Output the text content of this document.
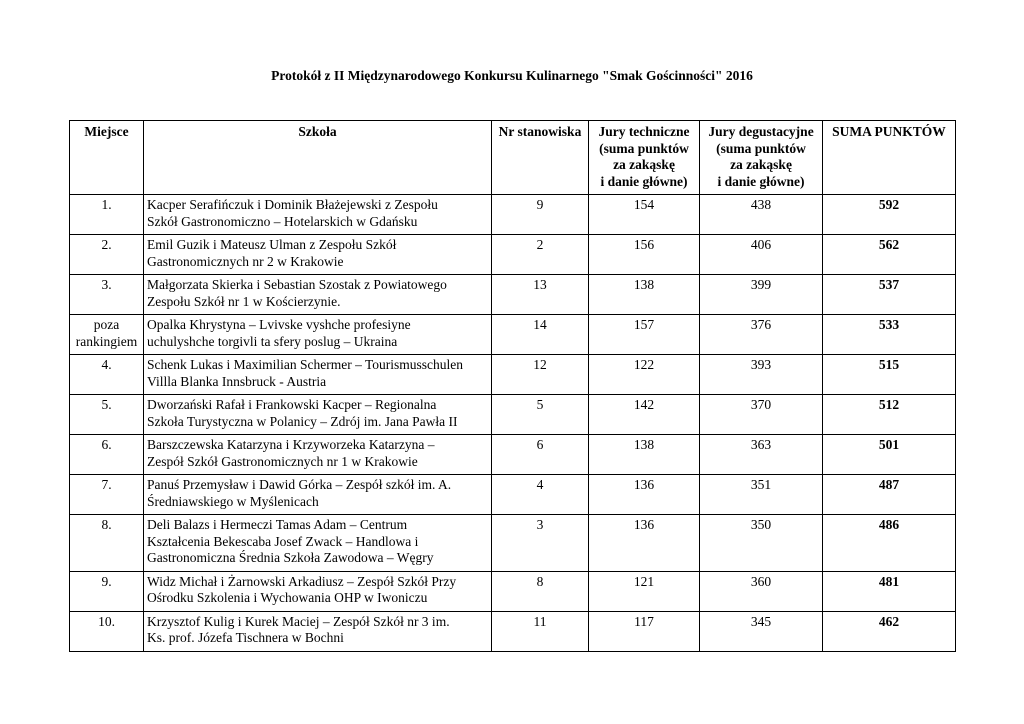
Protokół z II Międzynarodowego Konkursu Kulinarnego "Smak Gościnności" 2016
Miejsce	Szkoła	Nr stanowiska	Jury techniczne
(suma punktów
za zakąskę
i danie główne)	Jury degustacyjne
(suma punktów
za zakąskę
i danie główne)	SUMA PUNKTÓW
1.	Kacper Serafińczuk i Dominik Błażejewski z Zespołu
Szkół Gastronomiczno – Hotelarskich w Gdańsku	9	154	438	592
2.	Emil Guzik i Mateusz Ulman z Zespołu Szkół
Gastronomicznych nr 2 w Krakowie	2	156	406	562
3.	Małgorzata Skierka i Sebastian Szostak z Powiatowego
Zespołu Szkół nr 1 w Kościerzynie.	13	138	399	537
poza rankingiem	Opalka Khrystyna – Lvivske vyshche profesiyne
uchulyshche torgivli ta sfery poslug – Ukraina	14	157	376	533
4.	Schenk Lukas i Maximilian Schermer – Tourismusschulen
Villla Blanka Innsbruck - Austria	12	122	393	515
5.	Dworzański Rafał i Frankowski Kacper – Regionalna
Szkoła Turystyczna w Polanicy – Zdrój im. Jana Pawła II	5	142	370	512
6.	Barszczewska Katarzyna i Krzyworzeka Katarzyna –
Zespół Szkół Gastronomicznych nr 1 w Krakowie	6	138	363	501
7.	Panuś Przemysław i Dawid Górka – Zespół szkół im. A.
Średniawskiego w Myślenicach	4	136	351	487
8.	Deli Balazs i Hermeczi Tamas Adam – Centrum
Kształcenia Bekescaba Josef Zwack – Handlowa i
Gastronomiczna Średnia Szkoła Zawodowa – Węgry	3	136	350	486
9.	Widz Michał i Żarnowski Arkadiusz – Zespół Szkół Przy
Ośrodku Szkolenia i Wychowania OHP w Iwoniczu	8	121	360	481
10.	Krzysztof Kulig i Kurek Maciej – Zespół Szkół nr 3 im.
Ks. prof. Józefa Tischnera w Bochni	11	117	345	462
